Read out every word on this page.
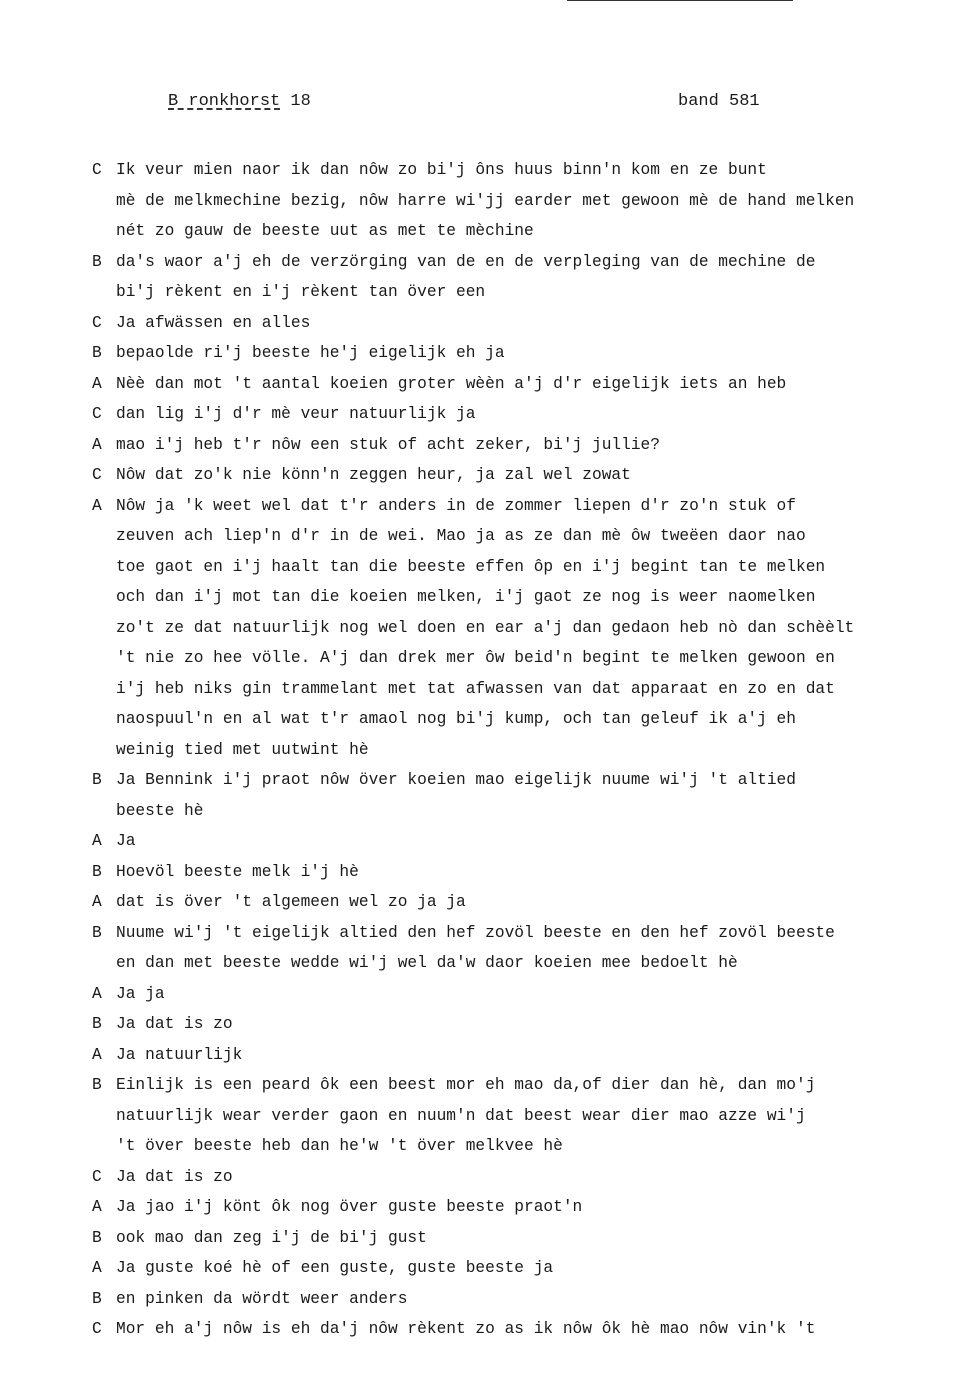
B ronkhorst 18	band 581
C Ik veur mien naor ik dan nôw zo bi'j ôns huus binn'n kom en ze bunt
mè de melkmechine bezig, nôw harre wi'jj earder met gewoon mè de hand melken
nét zo gauw de beeste uut as met te mèchine
B da's waor a'j eh de verzörging van de en de verpleging van de mechine de
bi'j rèkent en i'j rèkent tan över een
C Ja afwässen en alles
B bepaolde ri'j beeste he'j eigelijk eh ja
A Nèè dan mot 't aantal koeien groter wèèn a'j d'r eigelijk iets an heb
C dan lig i'j d'r mè veur natuurlijk ja
A mao i'j heb t'r nôw een stuk of acht zeker, bi'j jullie?
C Nôw dat zo'k nie könn'n zeggen heur, ja zal wel zowat
A Nôw ja 'k weet wel dat t'r anders in de zommer liepen d'r zo'n stuk of
zeuven ach liep'n d'r in de wei. Mao ja as ze dan mè ôw tweëen daor nao
toe gaot en i'j haalt tan die beeste effen ôp en i'j begint tan te melken
och dan i'j mot tan die koeien melken, i'j gaot ze nog is weer naomelken
zo't ze dat natuurlijk nog wel doen en ear a'j dan gedaon heb nò dan schèèlt
't nie zo hee völle. A'j dan drek mer ôw beid'n begint te melken gewoon en
i'j heb niks gin trammelant met tat afwassen van dat apparaat en zo en dat
naospuul'n en al wat t'r amaol nog bi'j kump, och tan geleuf ik a'j eh
weinig tied met uutwint hè
B Ja Bennink i'j praot nôw över koeien mao eigelijk nuume wi'j 't altied
beeste hè
A Ja
B Hoevöl beeste melk i'j hè
A dat is över 't algemeen wel zo ja ja
B Nuume wi'j 't eigelijk altied den hef zovöl beeste en den hef zovöl beeste
en dan met beeste wedde wi'j wel da'w daor koeien mee bedoelt hè
A Ja ja
B Ja dat is zo
A Ja natuurlijk
B Einlijk is een peard ôk een beest mor eh mao da,of dier dan hè, dan mo'j
natuurlijk wear verder gaon en nuum'n dat beest wear dier mao azze wi'j
't över beeste heb dan he'w 't över melkvee hè
C Ja dat is zo
A Ja jao i'j könt ôk nog över guste beeste praot'n
B ook mao dan zeg i'j de bi'j gust
A Ja guste koé hè of een guste, guste beeste ja
B en pinken da wördt weer anders
C Mor eh a'j nôw is eh da'j nôw rèkent zo as ik nôw ôk hè mao nôw vin'k 't
